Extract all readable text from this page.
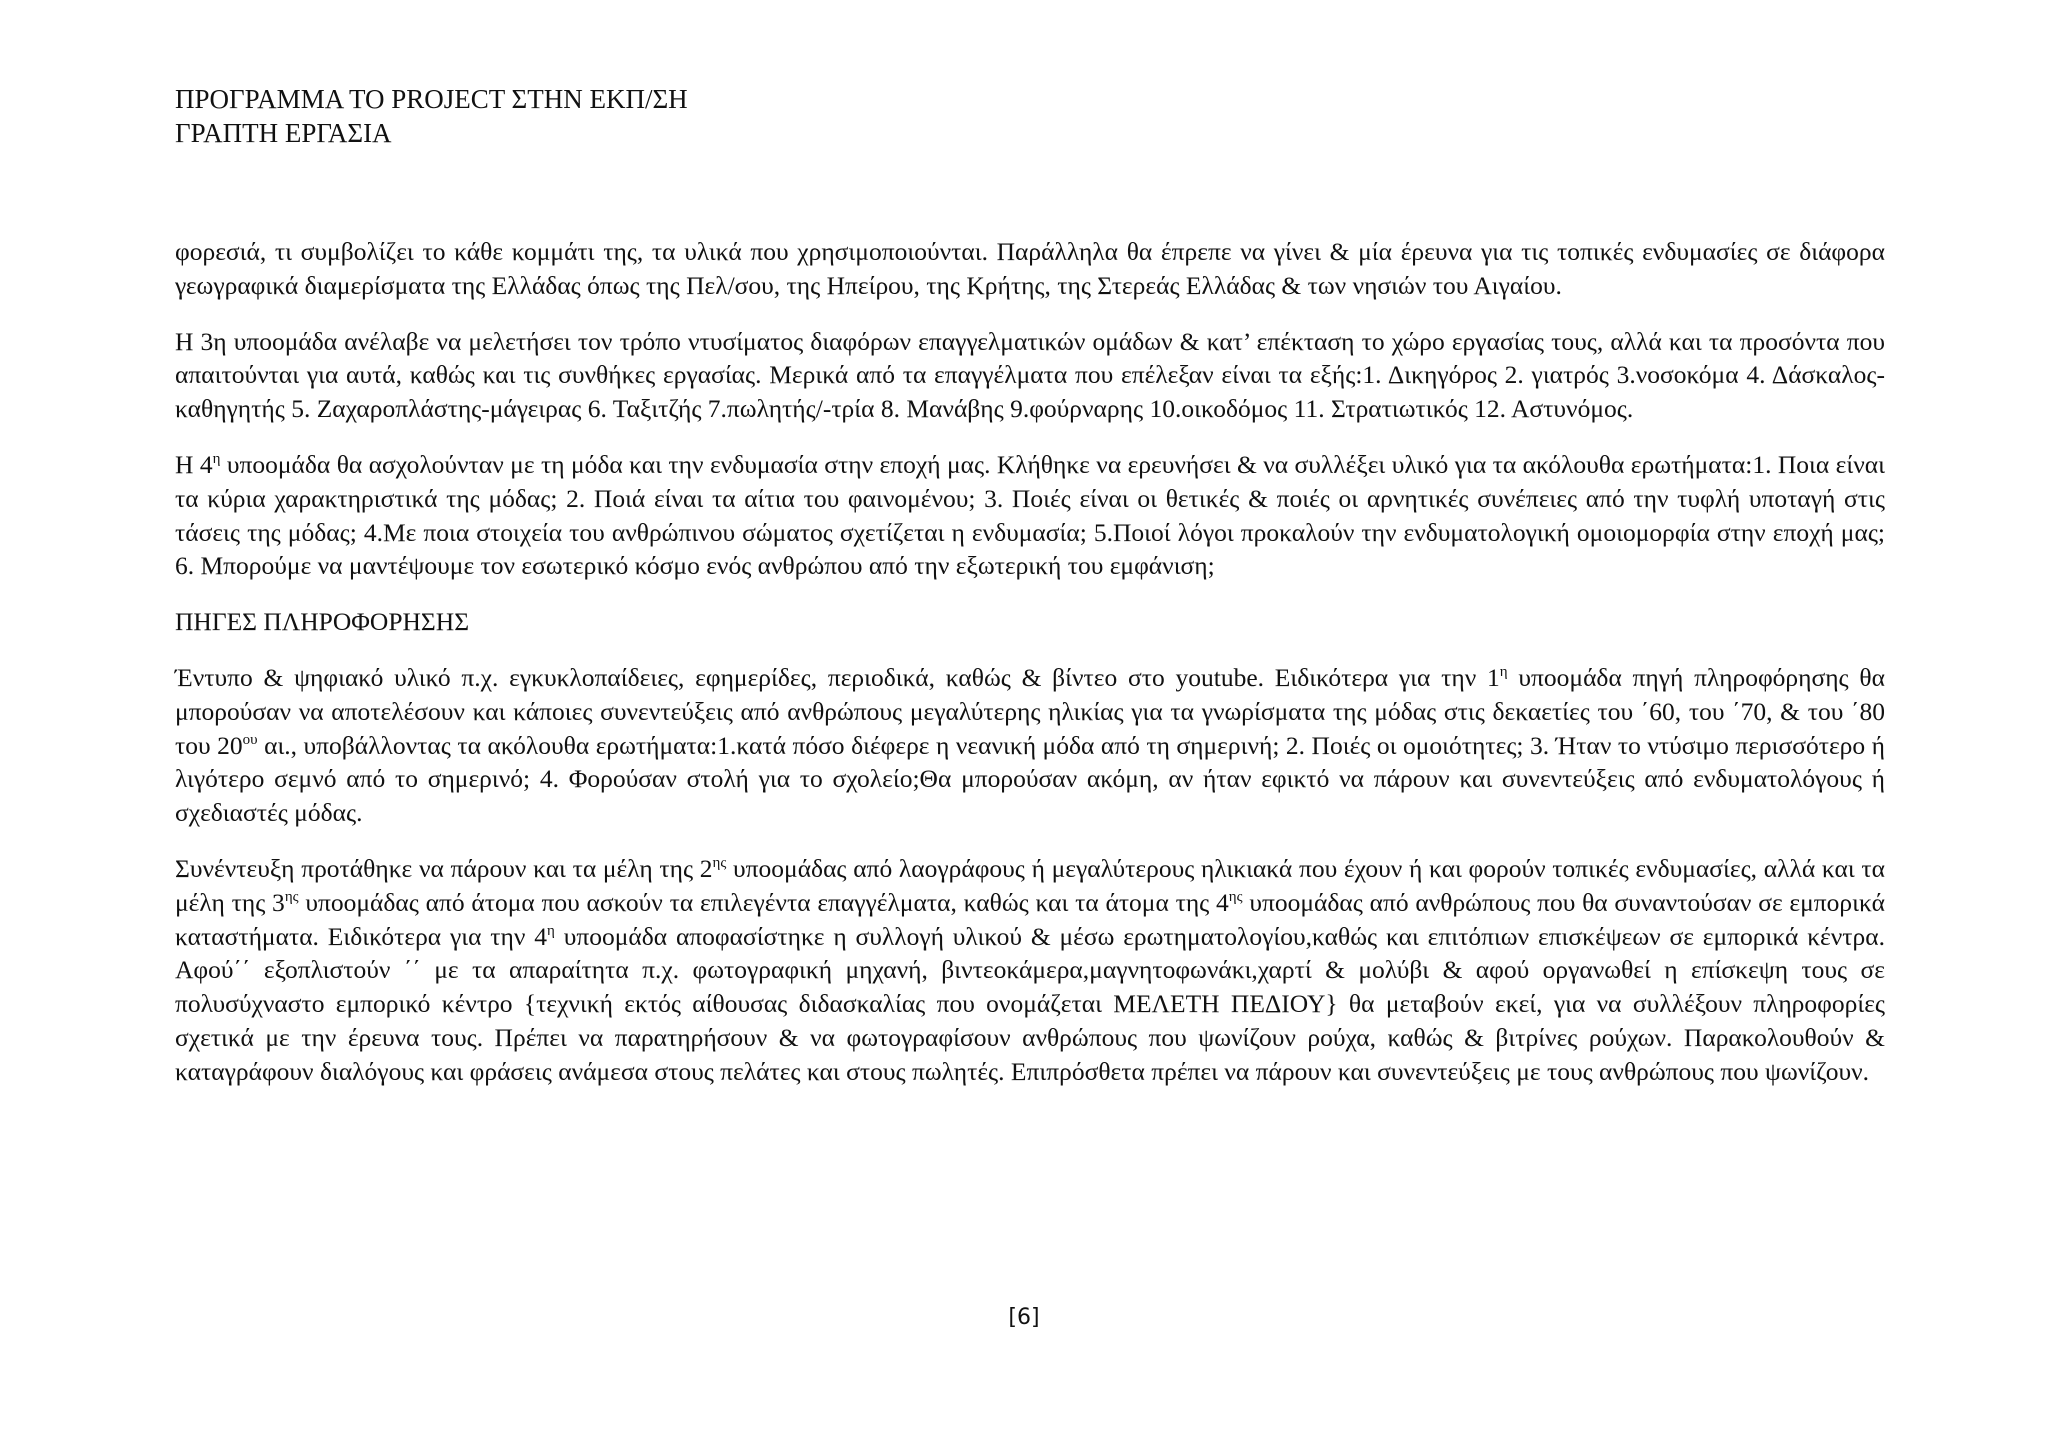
ΠΡΟΓΡΑΜΜΑ ΤΟ PROJECT ΣΤΗΝ ΕΚΠ/ΣΗ
ΓΡΑΠΤΗ ΕΡΓΑΣΙΑ

φορεσιά, τι συμβολίζει το κάθε κομμάτι της, τα υλικά που χρησιμοποιούνται. Παράλληλα θα έπρεπε να γίνει & μία έρευνα για τις τοπικές ενδυμασίες σε διάφορα γεωγραφικά διαμερίσματα της Ελλάδας όπως της Πελ/σου, της Ηπείρου, της Κρήτης, της Στερεάς Ελλάδας & των νησιών του Αιγαίου.

Η 3η υποομάδα ανέλαβε να μελετήσει τον τρόπο ντυσίματος διαφόρων επαγγελματικών ομάδων & κατ’ επέκταση το χώρο εργασίας τους, αλλά και τα προσόντα που απαιτούνται για αυτά, καθώς και τις συνθήκες εργασίας. Μερικά από τα επαγγέλματα που επέλεξαν είναι τα εξής:1. Δικηγόρος 2. γιατρός 3.νοσοκόμα 4. Δάσκαλος-καθηγητής 5. Ζαχαροπλάστης-μάγειρας 6. Ταξιτζής 7.πωλητής/-τρία 8. Μανάβης 9.φούρναρης 10.οικοδόμος 11. Στρατιωτικός 12. Αστυνόμος.

Η $4^\eta$ υποομάδα θα ασχολούνταν με τη μόδα και την ενδυμασία στην εποχή μας. Κλήθηκε να ερευνήσει & να συλλέξει υλικό για τα ακόλουθα ερωτήματα:1. Ποια είναι τα κύρια χαρακτηριστικά της μόδας; 2. Ποιά είναι τα αίτια του φαινομένου; 3. Ποιές είναι οι θετικές & ποιές οι αρνητικές συνέπειες από την τυφλή υποταγή στις τάσεις της μόδας; 4.Με ποια στοιχεία του ανθρώπινου σώματος σχετίζεται η ενδυμασία; 5.Ποιοί λόγοι προκαλούν την ενδυματολογική ομοιομορφία στην εποχή μας; 6. Μπορούμε να μαντέψουμε τον εσωτερικό κόσμο ενός ανθρώπου από την εξωτερική του εμφάνιση;

ΠΗΓΕΣ ΠΛΗΡΟΦΟΡΗΣΗΣ

Έντυπο & ψηφιακό υλικό π.χ. εγκυκλοπαίδειες, εφημερίδες, περιοδικά, καθώς & βίντεο στο youtube. Ειδικότερα για την $1^\eta$ υποομάδα πηγή πληροφόρησης θα μπορούσαν να αποτελέσουν και κάποιες συνεντεύξεις από ανθρώπους μεγαλύτερης ηλικίας για τα γνωρίσματα της μόδας στις δεκαετίες του ΄60, του ΄70, & του ΄80 του $20^{o\upsilon}$ αι., υποβάλλοντας τα ακόλουθα ερωτήματα:1.κατά πόσο διέφερε η νεανική μόδα από τη σημερινή; 2. Ποιές οι ομοιότητες; 3. Ήταν το ντύσιμο περισσότερο ή λιγότερο σεμνό από το σημερινό; 4. Φορούσαν στολή για το σχολείο;Θα μπορούσαν ακόμη, αν ήταν εφικτό να πάρουν και συνεντεύξεις από ενδυματολόγους ή σχεδιαστές μόδας.

Συνέντευξη προτάθηκε να πάρουν και τα μέλη της $2^{\eta\varsigma}$ υποομάδας από λαογράφους ή μεγαλύτερους ηλικιακά που έχουν ή και φορούν τοπικές ενδυμασίες, αλλά και τα μέλη της $3^{\eta\varsigma}$ υποομάδας από άτομα που ασκούν τα επιλεγέντα επαγγέλματα, καθώς και τα άτομα της $4^{\eta\varsigma}$ υποομάδας από ανθρώπους που θα συναντούσαν σε εμπορικά καταστήματα. Ειδικότερα για την $4^\eta$ υποομάδα αποφασίστηκε η συλλογή υλικού & μέσω ερωτηματολογίου,καθώς και επιτόπιων επισκέψεων σε εμπορικά κέντρα. Αφού΄΄ εξοπλιστούν ΄΄ με τα απαραίτητα π.χ. φωτογραφική μηχανή, βιντεοκάμερα,μαγνητοφωνάκι,χαρτί & μολύβι & αφού οργανωθεί η επίσκεψη τους σε πολυσύχναστο εμπορικό κέντρο {τεχνική εκτός αίθουσας διδασκαλίας που ονομάζεται ΜΕΛΕΤΗ ΠΕΔΙΟΥ} θα μεταβούν εκεί, για να συλλέξουν πληροφορίες σχετικά με την έρευνα τους. Πρέπει να παρατηρήσουν & να φωτογραφίσουν ανθρώπους που ψωνίζουν ρούχα, καθώς & βιτρίνες ρούχων. Παρακολουθούν & καταγράφουν διαλόγους και φράσεις ανάμεσα στους πελάτες και στους πωλητές. Επιπρόσθετα πρέπει να πάρουν και συνεντεύξεις με τους ανθρώπους που ψωνίζουν.

[6]
